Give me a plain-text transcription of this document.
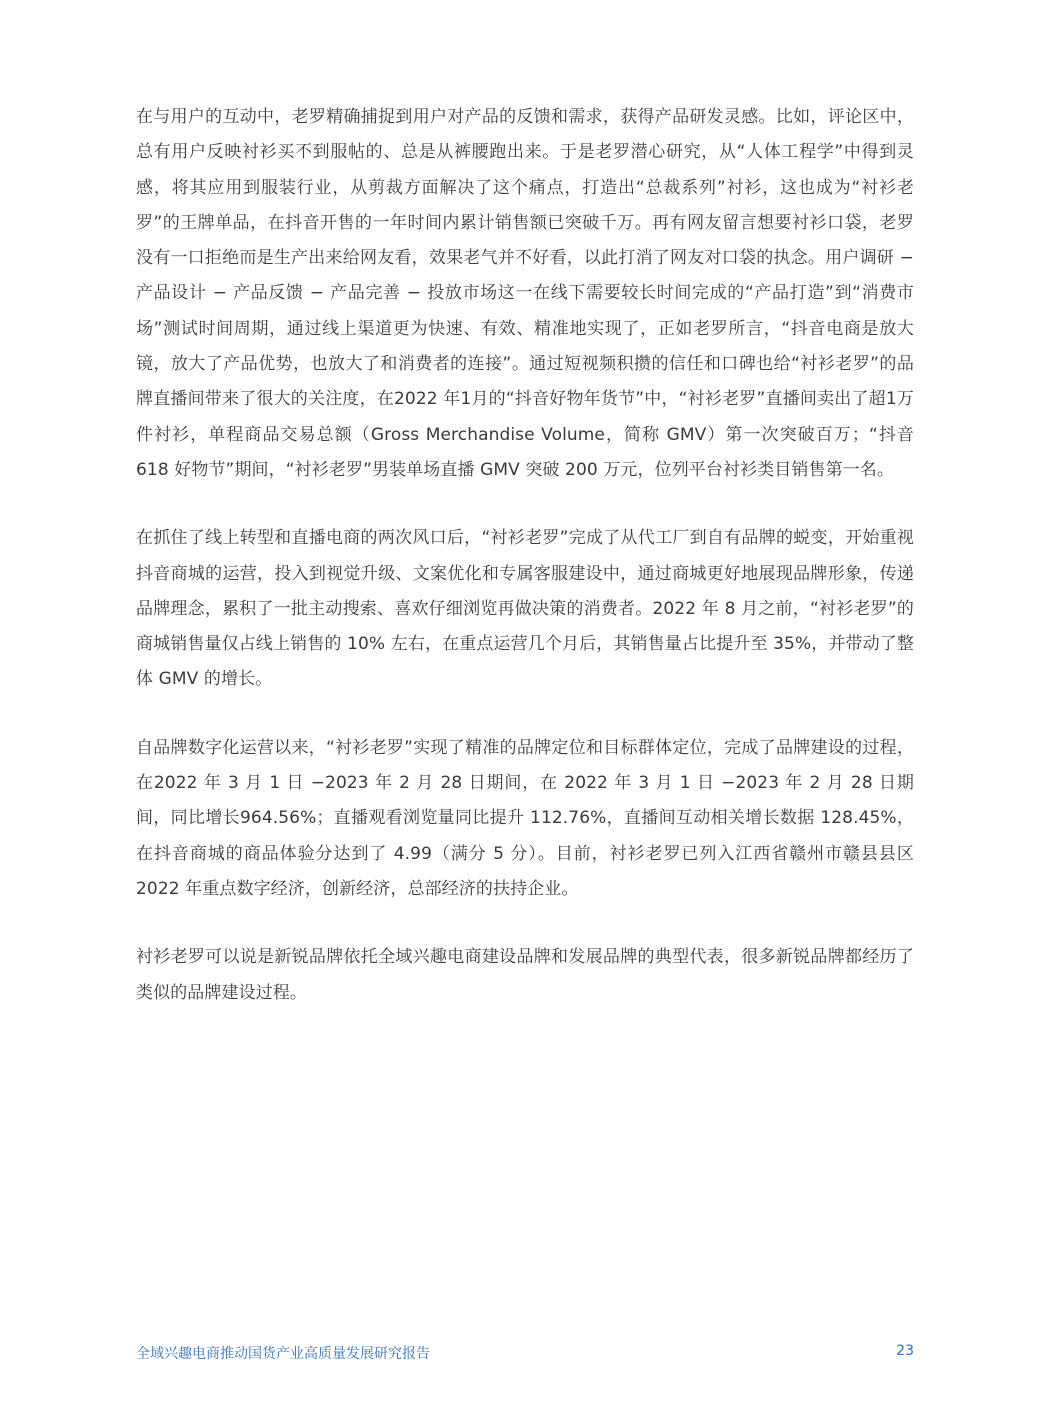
在与用户的互动中，老罗精确捕捉到用户对产品的反馈和需求，获得产品研发灵感。比如，评论区中，总有用户反映衬衫买不到服帖的、总是从裤腰跑出来。于是老罗潜心研究，从“人体工程学”中得到灵感，将其应用到服装行业，从剪裁方面解决了这个痛点，打造出“总裁系列”衬衫，这也成为“衬衫老罗”的王牌单品，在抖音开售的一年时间内累计销售额已突破千万。再有网友留言想要衬衫口袋，老罗没有一口拒绝而是生产出来给网友看，效果老气并不好看，以此打消了网友对口袋的执念。用户调研 − 产品设计 − 产品反馈 − 产品完善 − 投放市场这一在线下需要较长时间完成的“产品打造”到“消费市场”测试时间周期，通过线上渠道更为快速、有效、精准地实现了，正如老罗所言，“抖音电商是放大镜，放大了产品优势，也放大了和消费者的连接”。通过短视频积攒的信任和口碑也给“衬衫老罗”的品牌直播间带来了很大的关注度，在2022 年1月的“抖音好物年货节”中，“衬衫老罗”直播间卖出了超1万件衬衫，单程商品交易总额（Gross Merchandise Volume，简称 GMV）第一次突破百万；“抖音 618 好物节”期间，“衬衫老罗”男装单场直播 GMV 突破 200 万元，位列平台衬衫类目销售第一名。

在抓住了线上转型和直播电商的两次风口后，“衬衫老罗”完成了从代工厂到自有品牌的蜕变，开始重视抖音商城的运营，投入到视觉升级、文案优化和专属客服建设中，通过商城更好地展现品牌形象，传递品牌理念，累积了一批主动搜索、喜欢仔细浏览再做决策的消费者。2022 年 8 月之前，“衬衫老罗”的商城销售量仅占线上销售的 10% 左右，在重点运营几个月后，其销售量占比提升至 35%，并带动了整体 GMV 的增长。

自品牌数字化运营以来，“衬衫老罗”实现了精准的品牌定位和目标群体定位，完成了品牌建设的过程，在2022 年 3 月 1 日 −2023 年 2 月 28 日期间，在 2022 年 3 月 1 日 −2023 年 2 月 28 日期间，同比增长964.56%；直播观看浏览量同比提升 112.76%，直播间互动相关增长数据 128.45%，在抖音商城的商品体验分达到了 4.99（满分 5 分）。目前，衬衫老罗已列入江西省赣州市赣县县区 2022 年重点数字经济，创新经济，总部经济的扶持企业。

衬衫老罗可以说是新锐品牌依托全域兴趣电商建设品牌和发展品牌的典型代表，很多新锐品牌都经历了类似的品牌建设过程。

全域兴趣电商推动国货产业高质量发展研究报告	23
